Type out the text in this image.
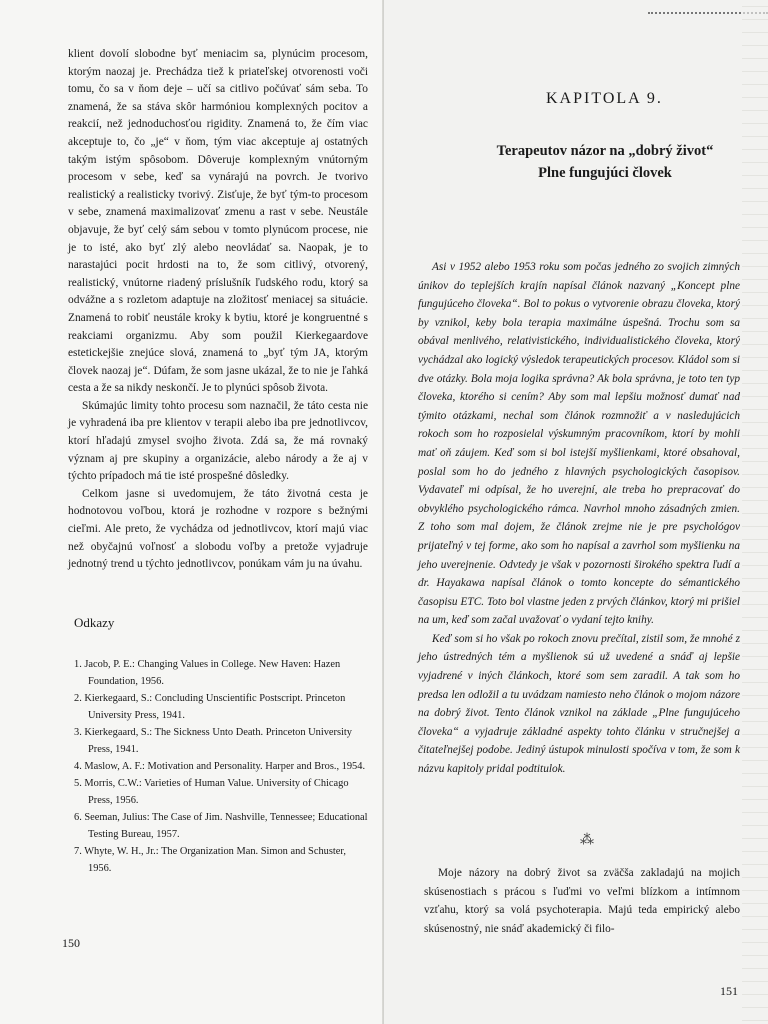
klient dovolí slobodne byť meniacim sa, plynúcim procesom, ktorým naozaj je. Prechádza tiež k priateľskej otvorenosti voči tomu, čo sa v ňom deje – učí sa citlivo počúvať sám seba. To znamená, že sa stáva skôr harmóniou komplexných pocitov a reakcií, než jednoduchosťou rigidity. Znamená to, že čím viac akceptuje to, čo „je“ v ňom, tým viac akceptuje aj ostatných takým istým spôsobom. Dôveruje komplexným vnútorným procesom v sebe, keď sa vynárajú na povrch. Je tvorivo realistický a realisticky tvorivý. Zisťuje, že byť tým-to procesom v sebe, znamená maximalizovať zmenu a rast v sebe. Neustále objavuje, že byť celý sám sebou v tomto plynúcom procese, nie je to isté, ako byť zlý alebo neovládať sa. Naopak, je to narastajúci pocit hrdosti na to, že som citlivý, otvorený, realistický, vnútorne riadený príslušník ľudského rodu, ktorý sa odvážne a s rozletom adaptuje na zložitosť meniacej sa situácie. Znamená to robiť neustále kroky k bytiu, ktoré je kongruentné s reakciami organizmu. Aby som použil Kierkegaardove estetickejšie znejúce slová, znamená to „byť tým JA, ktorým človek naozaj je“. Dúfam, že som jasne ukázal, že to nie je ľahká cesta a že sa nikdy neskončí. Je to plynúci spôsob života.

Skúmajúc limity tohto procesu som naznačil, že táto cesta nie je vyhradená iba pre klientov v terapii alebo iba pre jednotlivcov, ktorí hľadajú zmysel svojho života. Zdá sa, že má rovnaký význam aj pre skupiny a organizácie, alebo národy a že aj v týchto prípadoch má tie isté prospešné dôsledky.

Celkom jasne si uvedomujem, že táto životná cesta je hodnotovou voľbou, ktorá je rozhodne v rozpore s bežnými cieľmi. Ale preto, že vychádza od jednotlivcov, ktorí majú viac než obyčajnú voľnosť a slobodu voľby a pretože vyjadruje jednotný trend u týchto jednotlivcov, ponúkam vám ju na úvahu.

Odkazy
1. Jacob, P. E.: Changing Values in College. New Haven: Hazen Foundation, 1956.
2. Kierkegaard, S.: Concluding Unscientific Postscript. Princeton University Press, 1941.
3. Kierkegaard, S.: The Sickness Unto Death. Princeton University Press, 1941.
4. Maslow, A. F.: Motivation and Personality. Harper and Bros., 1954.
5. Morris, C.W.: Varieties of Human Value. University of Chicago Press, 1956.
6. Seeman, Julius: The Case of Jim. Nashville, Tennessee; Educational Testing Bureau, 1957.
7. Whyte, W. H., Jr.: The Organization Man. Simon and Schuster, 1956.
150
KAPITOLA 9.
Terapeutov názor na „dobrý život“
Plne fungujúci človek

Asi v 1952 alebo 1953 roku som počas jedného zo svojich zimných únikov do teplejších krajín napísal článok nazvaný „Koncept plne fungujúceho človeka“. Bol to pokus o vytvorenie obrazu človeka, ktorý by vznikol, keby bola terapia maximálne úspešná. Trochu som sa obával menlivého, relativistického, individualistického človeka, ktorý vychádzal ako logický výsledok terapeutických procesov. Kládol som si dve otázky. Bola moja logika správna? Ak bola správna, je toto ten typ človeka, ktorého si cením? Aby som mal lepšiu možnosť dumať nad týmito otázkami, nechal som článok rozmnožiť a v nasledujúcich rokoch som ho rozposielal výskumným pracovníkom, ktorí by mohli mať oň záujem. Keď som si bol istejší myšlienkami, ktoré obsahoval, poslal som ho do jedného z hlavných psychologických časopisov. Vydavateľ mi odpísal, že ho uverejní, ale treba ho prepracovať do obvyklého psychologického rámca. Navrhol mnoho zásadných zmien. Z toho som mal dojem, že článok zrejme nie je pre psychológov prijateľný v tej forme, ako som ho napísal a zavrhol som myšlienku na jeho uverejnenie. Odvtedy je však v pozornosti širokého spektra ľudí a dr. Hayakawa napísal článok o tomto koncepte do sémantického časopisu ETC. Toto bol vlastne jeden z prvých článkov, ktorý mi prišiel na um, keď som začal uvažovať o vydaní tejto knihy.

Keď som si ho však po rokoch znovu prečítal, zistil som, že mnohé z jeho ústredných tém a myšlienok sú už uvedené a snáď aj lepšie vyjadrené v iných článkoch, ktoré som sem zaradil. A tak som ho predsa len odložil a tu uvádzam namiesto neho článok o mojom názore na dobrý život. Tento článok vznikol na základe „Plne fungujúceho človeka“ a vyjadruje základné aspekty tohto článku v stručnejšej a čitateľnejšej podobe. Jediný ústupok minulosti spočíva v tom, že som k názvu kapitoly pridal podtitulok.

⁂

Moje názory na dobrý život sa zväčša zakladajú na mojich skúsenostiach s prácou s ľuďmi vo veľmi blízkom a intímnom vzťahu, ktorý sa volá psychoterapia. Majú teda empirický alebo skúsenostný, nie snáď akademický či filo-

151
